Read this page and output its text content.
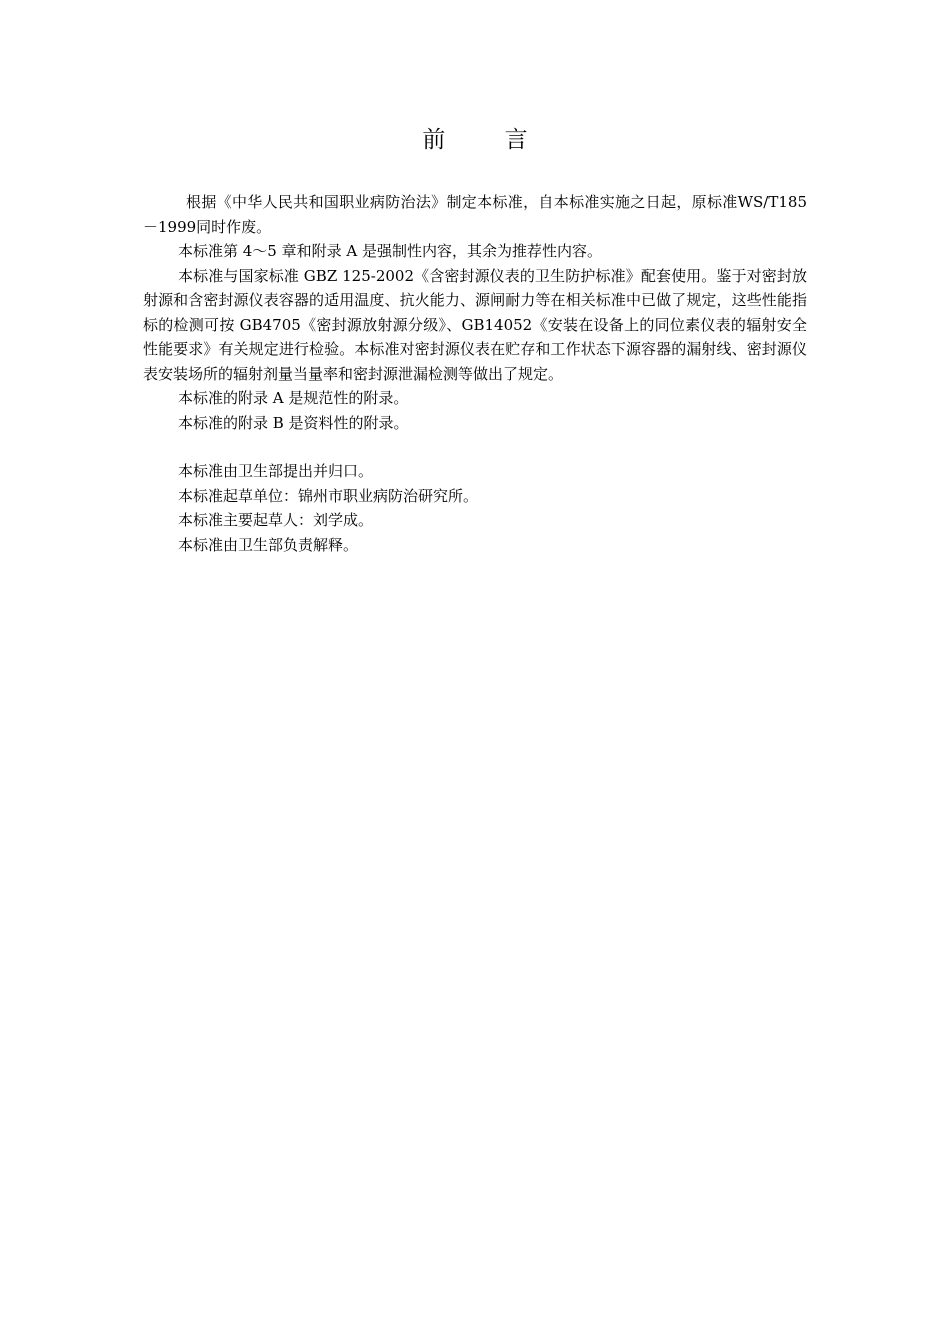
前 言

根据《中华人民共和国职业病防治法》制定本标准，自本标准实施之日起，原标准WS/T185－1999同时作废。

本标准第 4～5 章和附录 A 是强制性内容，其余为推荐性内容。

本标准与国家标准 GBZ 125-2002《含密封源仪表的卫生防护标准》配套使用。鉴于对密封放射源和含密封源仪表容器的适用温度、抗火能力、源闸耐力等在相关标准中已做了规定，这些性能指标的检测可按 GB4705《密封源放射源分级》、GB14052《安装在设备上的同位素仪表的辐射安全性能要求》有关规定进行检验。本标准对密封源仪表在贮存和工作状态下源容器的漏射线、密封源仪表安装场所的辐射剂量当量率和密封源泄漏检测等做出了规定。

本标准的附录 A 是规范性的附录。

本标准的附录 B 是资料性的附录。

本标准由卫生部提出并归口。

本标准起草单位：锦州市职业病防治研究所。

本标准主要起草人：刘学成。

本标准由卫生部负责解释。
